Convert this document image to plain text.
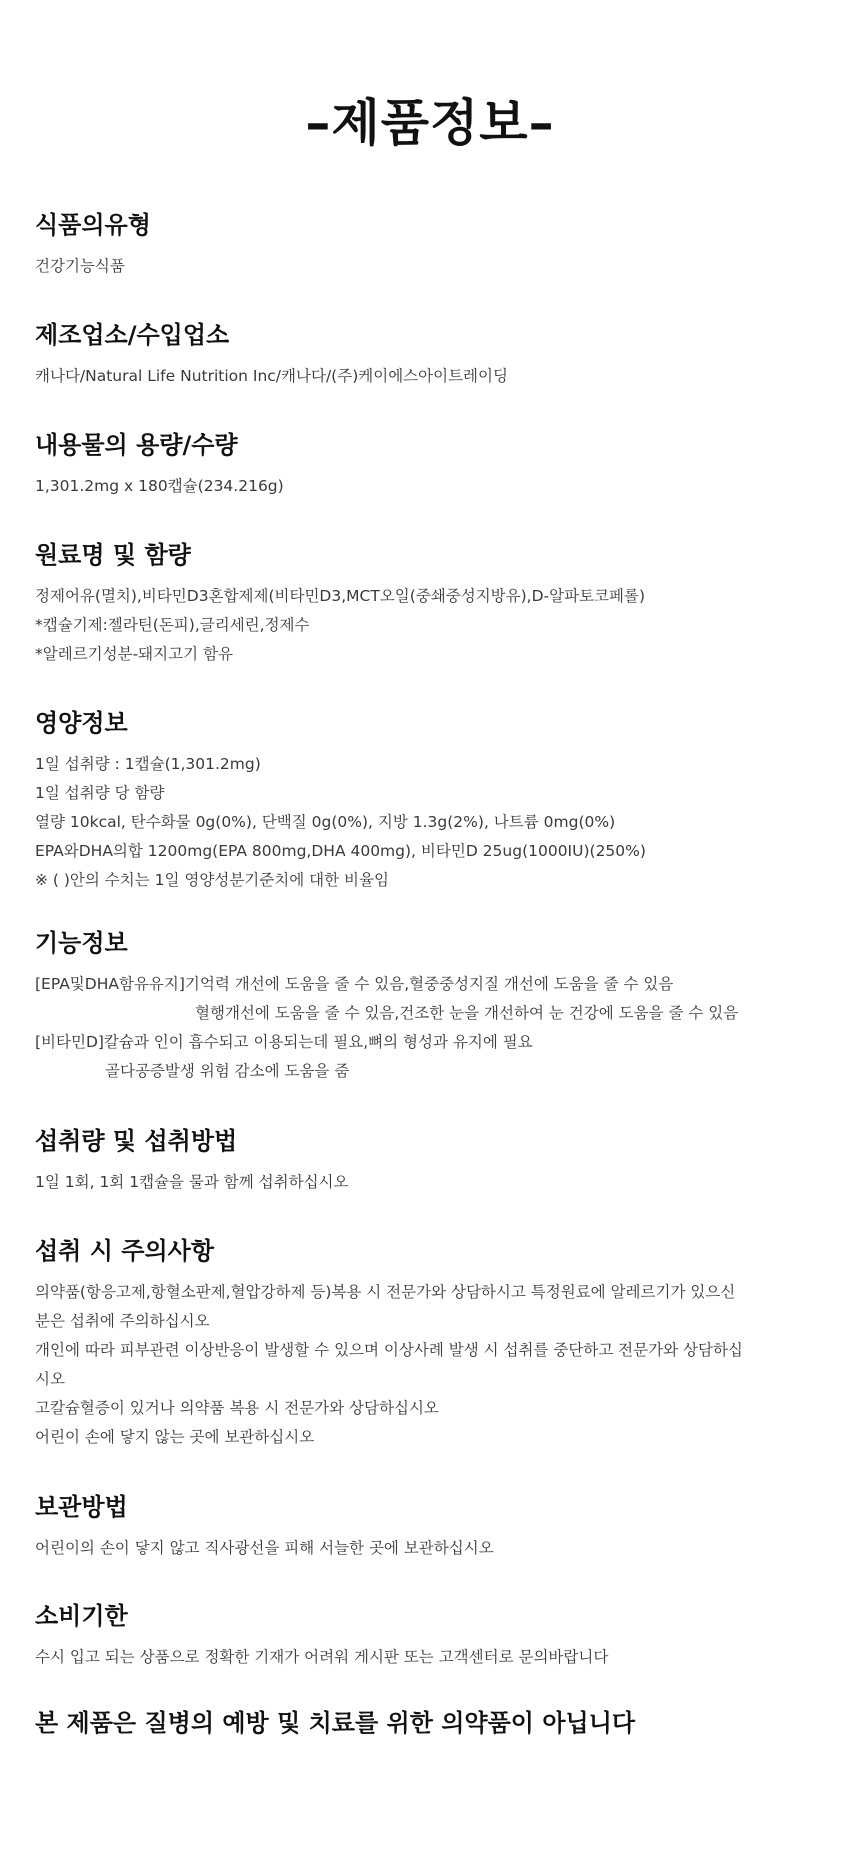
–제품정보–
식품의유형
건강기능식품
제조업소/수입업소
캐나다/Natural Life Nutrition Inc/캐나다/(주)케이에스아이트레이딩
내용물의 용량/수량
1,301.2mg x 180캡슐(234.216g)
원료명 및 함량
정제어유(멸치),비타민D3혼합제제(비타민D3,MCT오일(중쇄중성지방유),D-알파토코페롤)
*캡슐기제:젤라틴(돈피),글리세린,정제수
*알레르기성분-돼지고기 함유
영양정보
1일 섭취량 : 1캡슐(1,301.2mg)
1일 섭취량 당 함량
열량 10kcal, 탄수화물 0g(0%), 단백질 0g(0%), 지방 1.3g(2%), 나트륨 0mg(0%)
EPA와DHA의합 1200mg(EPA 800mg,DHA 400mg), 비타민D 25ug(1000IU)(250%)
※ ( )안의 수치는 1일 영양성분기준치에 대한 비율임
기능정보
[EPA및DHA함유유지]기억력 개선에 도움을 줄 수 있음,혈중중성지질 개선에 도움을 줄 수 있음
혈행개선에 도움을 줄 수 있음,건조한 눈을 개선하여 눈 건강에 도움을 줄 수 있음
[비타민D]칼슘과 인이 흡수되고 이용되는데 필요,뼈의 형성과 유지에 필요
골다공증발생 위험 감소에 도움을 줌
섭취량 및 섭취방법
1일 1회, 1회 1캡슐을 물과 함께 섭취하십시오
섭취 시 주의사항
의약품(항응고제,항혈소판제,혈압강하제 등)복용 시 전문가와 상담하시고 특정원료에 알레르기가 있으신
분은 섭취에 주의하십시오
개인에 따라 피부관련 이상반응이 발생할 수 있으며 이상사례 발생 시 섭취를 중단하고 전문가와 상담하십
시오
고칼슘혈증이 있거나 의약품 복용 시 전문가와 상담하십시오
어린이 손에 닿지 않는 곳에 보관하십시오
보관방법
어린이의 손이 닿지 않고 직사광선을 피해 서늘한 곳에 보관하십시오
소비기한
수시 입고 되는 상품으로 정확한 기재가 어려워 게시판 또는 고객센터로 문의바랍니다
본 제품은 질병의 예방 및 치료를 위한 의약품이 아닙니다
